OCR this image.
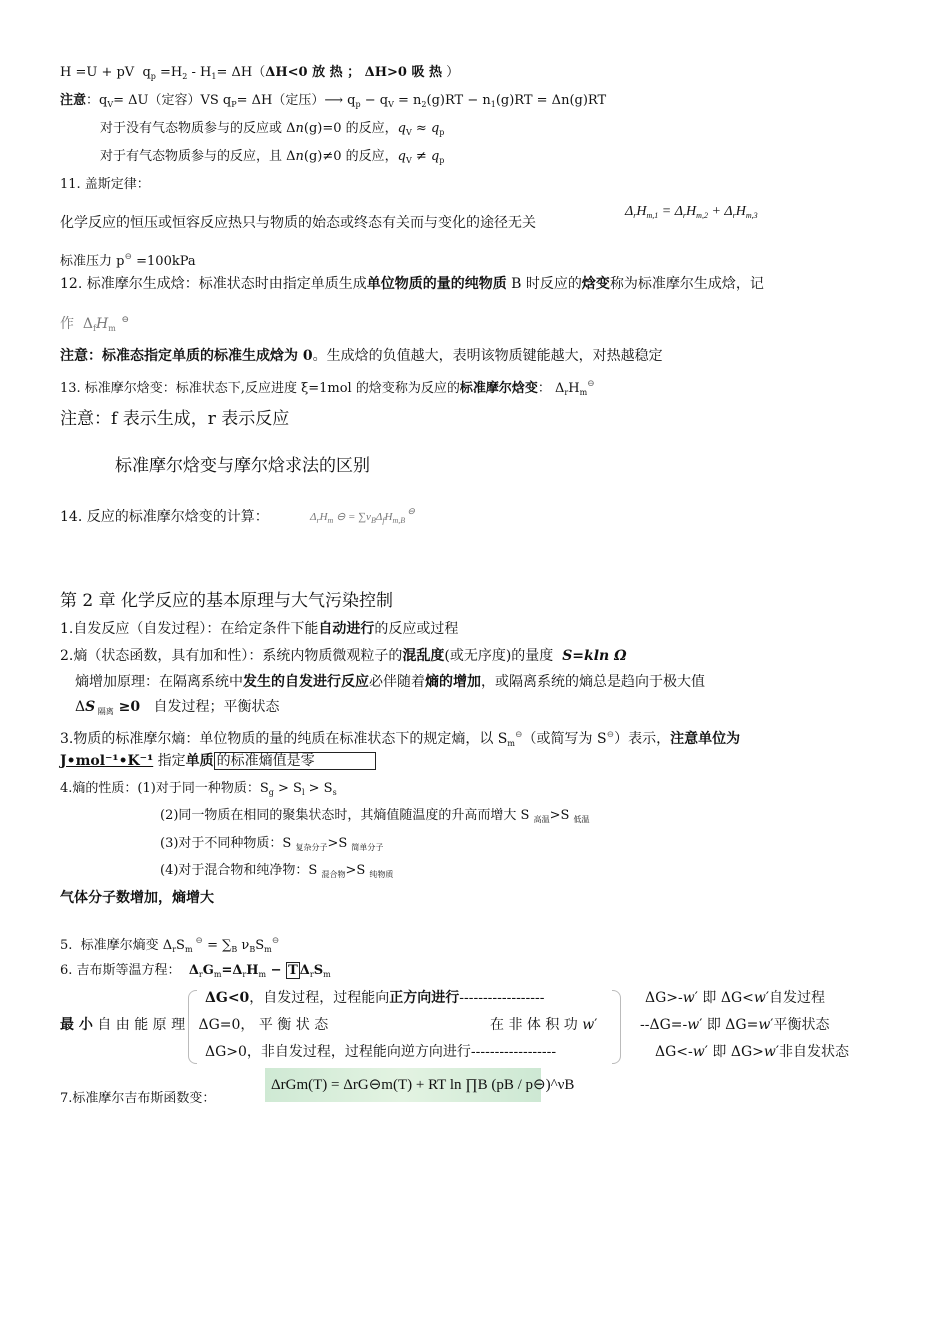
H =U + pV  $q_p =H_2 - H_1= \Delta H(\Delta H<0$ 放 热 ； ΔH>0 吸 热 ）
注意：$q_V= \Delta U$（定容）VS $q_P= \Delta H$（定压）⟶ $q_p - q_V = n_2(g)RT - n_1(g)RT = \Delta n(g)RT$
对于没有气态物质参与的反应或 Δn(g)=0 的反应，$q_V \approx q_p$
对于有气态物质参与的反应，且 Δn(g)≠0 的反应，$q_V \ne q_p$
11. 盖斯定律：
化学反应的恒压或恒容反应热只与物质的始态或终态有关而与变化的途径无关
$\Delta_rH_{m,1} = \Delta_rH_{m,2} + \Delta_rH_{m,3}$
标准压力 p⊖ =100kPa
12. 标准摩尔生成焓：标准状态时由指定单质生成单位物质的量的纯物质 B 时反应的焓变称为标准摩尔生成焓，记
作  $\Delta_fH_m$  ⊖
注意：标准态指定单质的标准生成焓为 0。生成焓的负值越大，表明该物质键能越大，对热越稳定
13. 标准摩尔焓变：标准状态下,反应进度 ξ=1mol 的焓变称为反应的标准摩尔焓变： $\Delta_rH_m^⊖$
注意：f 表示生成，r 表示反应
标准摩尔焓变与摩尔焓求法的区别
14. 反应的标准摩尔焓变的计算：	$\Delta_rH_m$ ⊖ = $\sum\nu_B\Delta_fH_{m,B}$ ⊖
第 2 章 化学反应的基本原理与大气污染控制
1.自发反应（自发过程）：在给定条件下能自动进行的反应或过程
2.熵（状态函数，具有加和性）：系统内物质微观粒子的混乱度(或无序度)的量度  S=kln Ω
熵增加原理：在隔离系统中发生的自发进行反应必伴随着熵的增加，或隔离系统的熵总是趋向于极大值
ΔS $_{隔离}$ ≥0   自发过程；平衡状态
3.物质的标准摩尔熵：单位物质的量的纯质在标准状态下的规定熵，以 $S_m^⊖$（或简写为 S⊖）表示，注意单位为
J•mol⁻¹•K⁻¹ 指定单质 的标准熵值是零
4.熵的性质：(1)对于同一种物质：$S_g > S_l > S_s$
(2)同一物质在相同的聚集状态时，其熵值随温度的升高而增大 S $_{高温}$>S $_{低温}$
(3)对于不同种物质：S $_{复杂分子}$>S $_{简单分子}$
(4)对于混合物和纯净物：S $_{混合物}$>S $_{纯物质}$
气体分子数增加，熵增大
5.  标准摩尔熵变 $\Delta_rS_m$ $^⊖ = \sum_B$ $\nu_BS_m^⊖$
6. 吉布斯等温方程：  $\Delta_rG_m=\Delta_rH_m - T$ $\Delta_rS_m$
ΔG<0，自发过程，过程能向正方向进行------------------	ΔG>-w′ 即 ΔG<w′自发过程
最 小 自 由 能 原 理   ΔG=0， 平 衡 状 态	在 非 体 积 功 w′	--ΔG=-w′ 即 ΔG=w′平衡状态
ΔG>0，非自发过程，过程能向逆方向进行------------------	ΔG<-w′ 即 ΔG>w′非自发状态
7.标准摩尔吉布斯函数变：
ΔrGm(T) = ΔrG⊖m(T) + RT ln ∏B (pB / p⊖)^νB
